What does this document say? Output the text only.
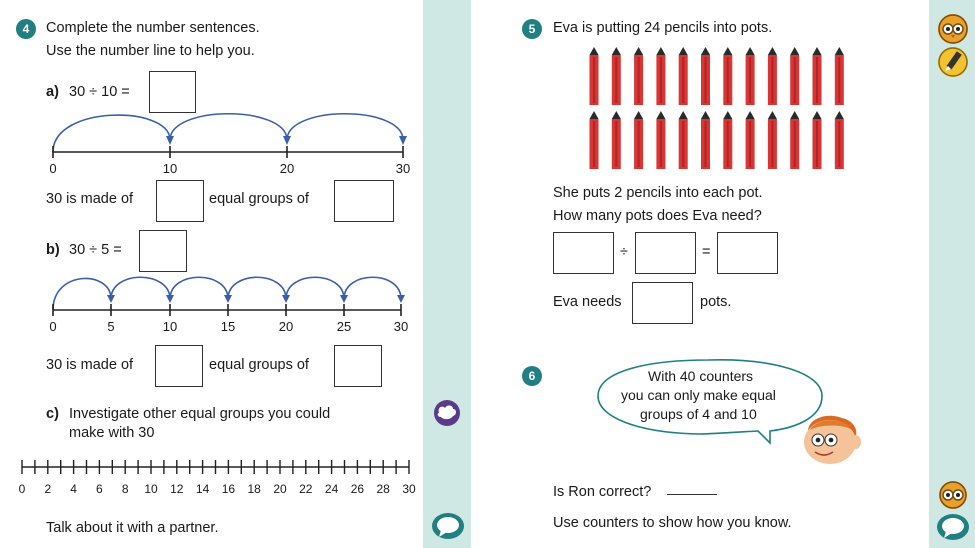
4	Complete the number sentences.
Use the number line to help you.
a) 30 ÷ 10 =
0	10	20	30
30 is made of	equal groups of
b) 30 ÷ 5 =
0	5	10	15	20	25	30
30 is made of	equal groups of
c) Investigate other equal groups you could
make with 30
0 2 4 6 8 10 12 14 16 18 20 22 24 26 28 30
Talk about it with a partner.
5	Eva is putting 24 pencils into pots.
She puts 2 pencils into each pot.
How many pots does Eva need?
÷	=
Eva needs	pots.
6	With 40 counters
you can only make equal
groups of 4 and 10
Is Ron correct?
Use counters to show how you know.
